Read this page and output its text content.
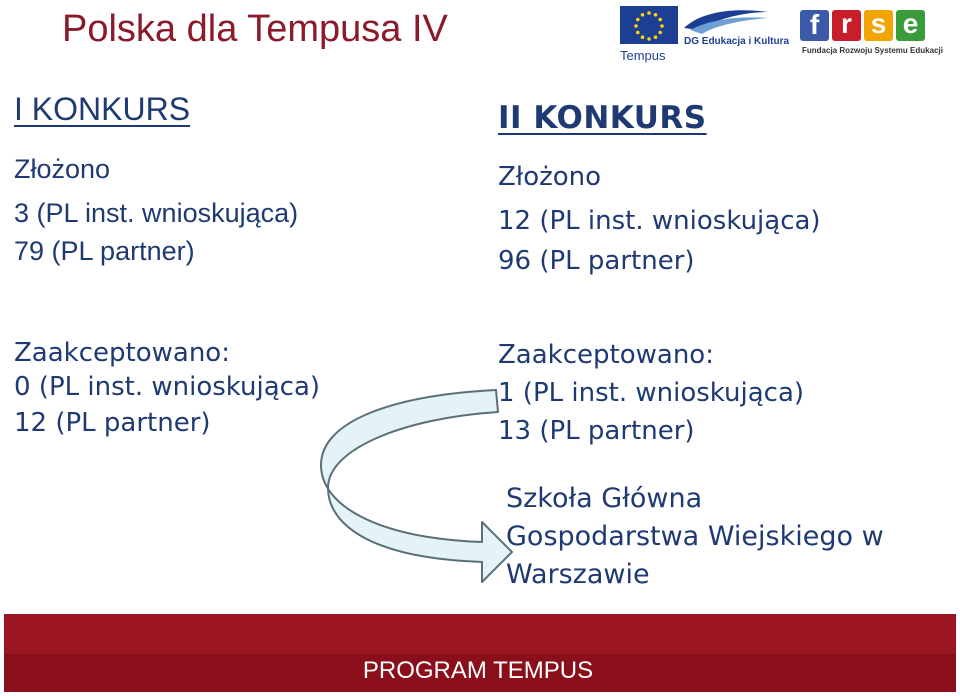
Polska dla Tempusa IV
Tempus
DG Edukacja i Kultura
f r s e
Fundacja Rozwoju Systemu Edukacji
I KONKURS
Złożono
3 (PL inst. wnioskująca)
79 (PL partner)
Zaakceptowano:
0 (PL inst. wnioskująca)
12 (PL partner)
II KONKURS
Złożono
12 (PL inst. wnioskująca)
96 (PL partner)
Zaakceptowano:
1 (PL inst. wnioskująca)
13 (PL partner)
Szkoła Główna
Gospodarstwa Wiejskiego w
Warszawie
PROGRAM TEMPUS
